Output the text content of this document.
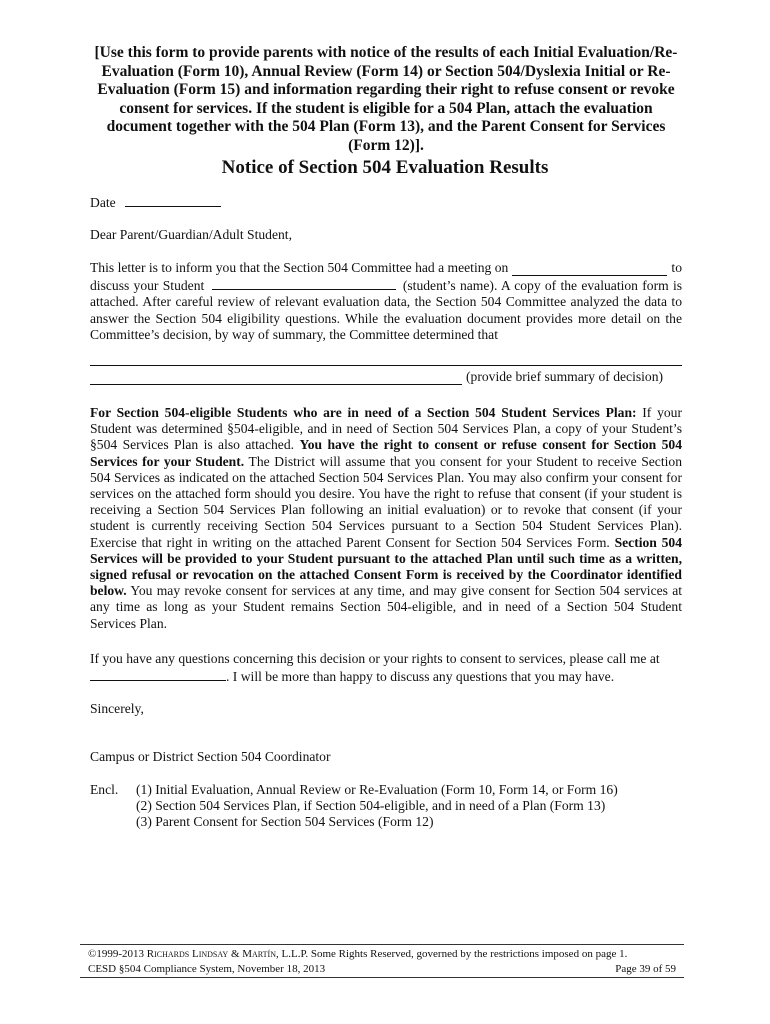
[Use this form to provide parents with notice of the results of each Initial Evaluation/Re-Evaluation (Form 10), Annual Review (Form 14) or Section 504/Dyslexia Initial or Re-Evaluation (Form 15) and information regarding their right to refuse consent or revoke consent for services. If the student is eligible for a 504 Plan, attach the evaluation document together with the 504 Plan (Form 13), and the Parent Consent for Services (Form 12)].
Notice of Section 504 Evaluation Results
Date
Dear Parent/Guardian/Adult Student,
This letter is to inform you that the Section 504 Committee had a meeting on	to
discuss your Student	(student’s name). A copy of the evaluation form is attached. After careful review of relevant evaluation data, the Section 504 Committee analyzed the data to answer the Section 504 eligibility questions. While the evaluation document provides more detail on the Committee’s decision, by way of summary, the Committee determined that
(provide brief summary of decision)
For Section 504-eligible Students who are in need of a Section 504 Student Services Plan: If your Student was determined §504-eligible, and in need of Section 504 Services Plan, a copy of your Student’s §504 Services Plan is also attached. You have the right to consent or refuse consent for Section 504 Services for your Student. The District will assume that you consent for your Student to receive Section 504 Services as indicated on the attached Section 504 Services Plan. You may also confirm your consent for services on the attached form should you desire. You have the right to refuse that consent (if your student is receiving a Section 504 Services Plan following an initial evaluation) or to revoke that consent (if your student is currently receiving Section 504 Services pursuant to a Section 504 Student Services Plan). Exercise that right in writing on the attached Parent Consent for Section 504 Services Form. Section 504 Services will be provided to your Student pursuant to the attached Plan until such time as a written, signed refusal or revocation on the attached Consent Form is received by the Coordinator identified below. You may revoke consent for services at any time, and may give consent for Section 504 services at any time as long as your Student remains Section 504-eligible, and in need of a Section 504 Student Services Plan.
If you have any questions concerning this decision or your rights to consent to services, please call me at
. I will be more than happy to discuss any questions that you may have.
Sincerely,
Campus or District Section 504 Coordinator
Encl.	(1) Initial Evaluation, Annual Review or Re-Evaluation (Form 10, Form 14, or Form 16)
(2) Section 504 Services Plan, if Section 504-eligible, and in need of a Plan (Form 13)
(3) Parent Consent for Section 504 Services (Form 12)
©1999-2013 Richards Lindsay & Martín, L.L.P. Some Rights Reserved, governed by the restrictions imposed on page 1.
CESD §504 Compliance System, November 18, 2013	Page 39 of 59
